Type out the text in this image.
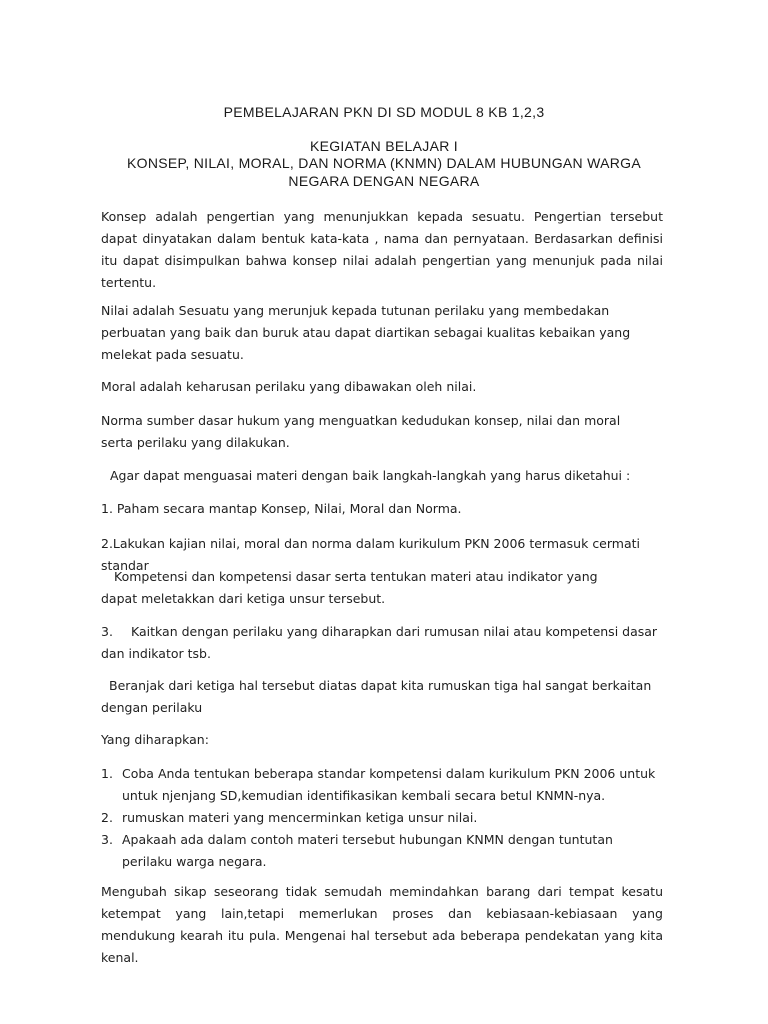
PEMBELAJARAN PKN DI SD MODUL 8 KB 1,2,3
KEGIATAN BELAJAR I
KONSEP, NILAI, MORAL, DAN NORMA (KNMN) DALAM HUBUNGAN WARGA
NEGARA DENGAN NEGARA

Konsep adalah pengertian yang menunjukkan kepada sesuatu. Pengertian tersebut dapat dinyatakan dalam bentuk kata-kata , nama dan pernyataan. Berdasarkan definisi itu dapat disimpulkan bahwa konsep nilai adalah pengertian yang menunjuk pada nilai tertentu.

Nilai adalah Sesuatu yang merunjuk kepada tutunan perilaku yang membedakan perbuatan yang baik dan buruk atau dapat diartikan sebagai kualitas kebaikan yang melekat pada sesuatu.

Moral adalah keharusan perilaku yang dibawakan oleh nilai.

Norma sumber dasar hukum yang menguatkan kedudukan konsep, nilai dan moral serta perilaku yang dilakukan.

Agar dapat menguasai materi dengan baik langkah-langkah yang harus diketahui :

1. Paham secara mantap Konsep, Nilai, Moral dan Norma.

2.Lakukan kajian nilai, moral dan norma dalam kurikulum PKN 2006 termasuk cermati standar

Kompetensi dan kompetensi dasar serta tentukan materi atau indikator yang dapat meletakkan dari ketiga unsur tersebut.

3. Kaitkan dengan perilaku yang diharapkan dari rumusan nilai atau kompetensi dasar dan indikator tsb.

Beranjak dari ketiga hal tersebut diatas dapat kita rumuskan tiga hal sangat berkaitan dengan perilaku

Yang diharapkan:

1. Coba Anda tentukan beberapa standar kompetensi dalam kurikulum PKN 2006 untuk untuk njenjang SD,kemudian identifikasikan kembali secara betul KNMN-nya.
2. rumuskan materi yang mencerminkan ketiga unsur nilai.
3. Apakaah ada dalam contoh materi tersebut hubungan KNMN dengan tuntutan perilaku warga negara.

Mengubah sikap seseorang tidak semudah memindahkan barang dari tempat kesatu ketempat yang lain,tetapi memerlukan proses dan kebiasaan-kebiasaan yang mendukung kearah itu pula. Mengenai hal tersebut ada beberapa pendekatan yang kita kenal.
